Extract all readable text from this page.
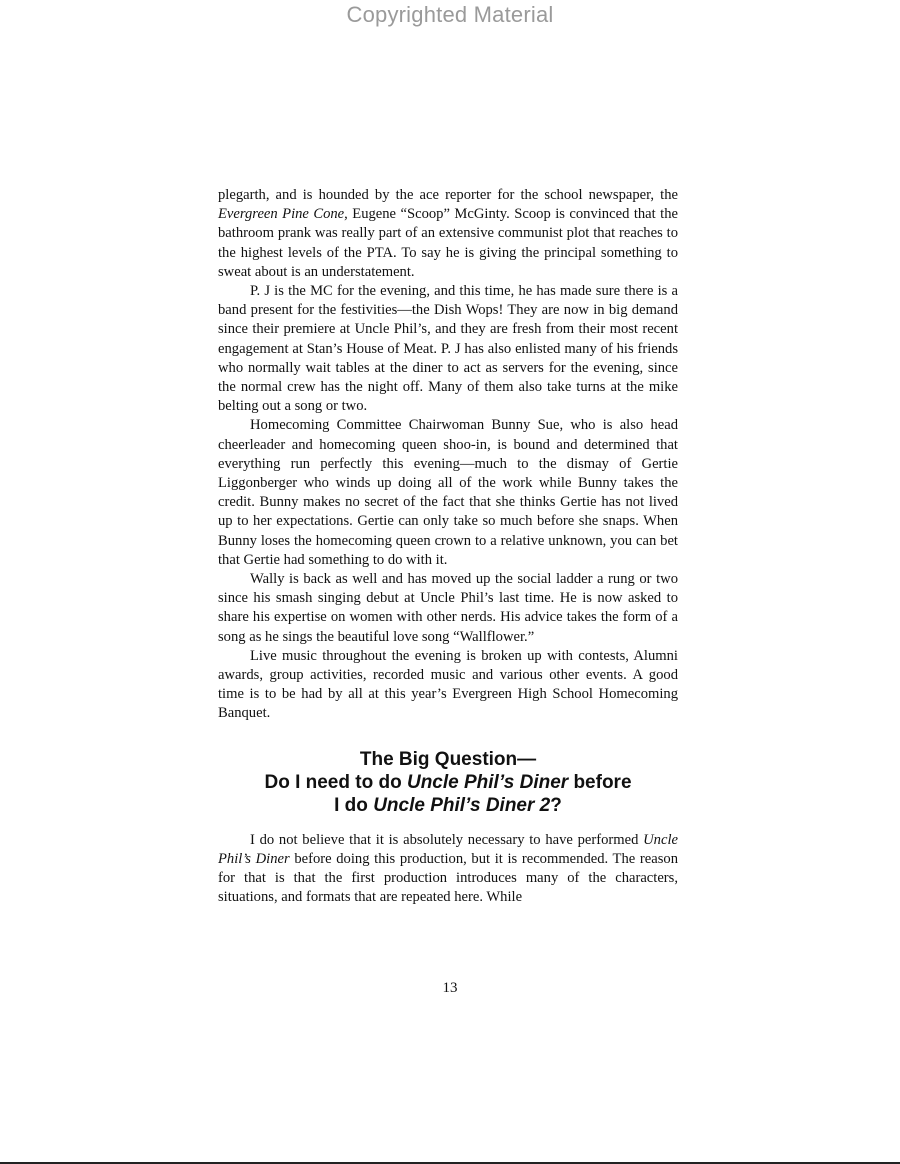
Copyrighted Material

plegarth, and is hounded by the ace reporter for the school newspaper, the Evergreen Pine Cone, Eugene “Scoop” McGinty. Scoop is convinced that the bathroom prank was really part of an extensive communist plot that reaches to the highest levels of the PTA. To say he is giving the principal something to sweat about is an understatement.

P. J is the MC for the evening, and this time, he has made sure there is a band present for the festivities—the Dish Wops! They are now in big demand since their premiere at Uncle Phil’s, and they are fresh from their most recent engagement at Stan’s House of Meat. P. J has also enlisted many of his friends who normally wait tables at the diner to act as servers for the evening, since the normal crew has the night off. Many of them also take turns at the mike belting out a song or two.

Homecoming Committee Chairwoman Bunny Sue, who is also head cheerleader and homecoming queen shoo-in, is bound and determined that everything run perfectly this evening—much to the dismay of Gertie Liggonberger who winds up doing all of the work while Bunny takes the credit. Bunny makes no secret of the fact that she thinks Gertie has not lived up to her expectations. Gertie can only take so much before she snaps. When Bunny loses the homecoming queen crown to a relative unknown, you can bet that Gertie had something to do with it.

Wally is back as well and has moved up the social ladder a rung or two since his smash singing debut at Uncle Phil’s last time. He is now asked to share his expertise on women with other nerds. His advice takes the form of a song as he sings the beautiful love song “Wallflower.”

Live music throughout the evening is broken up with contests, Alumni awards, group activities, recorded music and various other events. A good time is to be had by all at this year’s Evergreen High School Homecoming Banquet.

The Big Question—
Do I need to do Uncle Phil’s Diner before
I do Uncle Phil’s Diner 2?

I do not believe that it is absolutely necessary to have performed Uncle Phil’s Diner before doing this production, but it is recommended. The reason for that is that the first production introduces many of the characters, situations, and formats that are repeated here. While

13
